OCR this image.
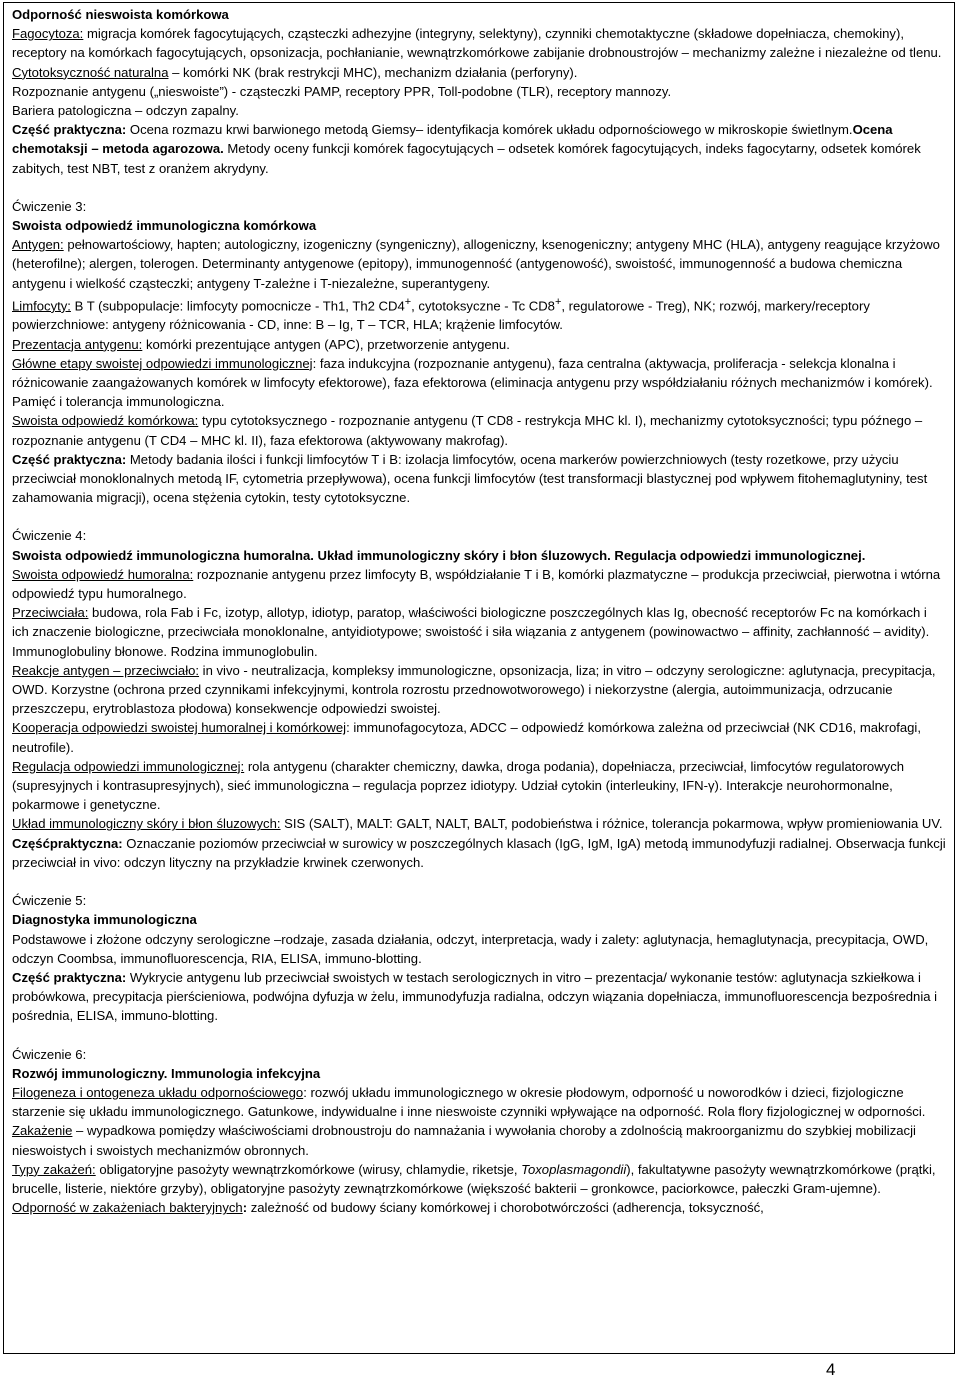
Odporność nieswoista komórkowa

Fagocytoza: migracja komórek fagocytujących, cząsteczki adhezyjne (integryny, selektyny), czynniki chemotaktyczne (składowe dopełniacza, chemokiny), receptory na komórkach fagocytujących, opsonizacja, pochłanianie, wewnątrzkomórkowe zabijanie drobnoustrojów – mechanizmy zależne i niezależne od tlenu.

Cytotoksyczność naturalna – komórki NK (brak restrykcji MHC), mechanizm działania (perforyny).

Rozpoznanie antygenu („nieswoiste”) - cząsteczki PAMP, receptory PPR, Toll-podobne (TLR), receptory mannozy.

Bariera patologiczna – odczyn zapalny.

Część praktyczna: Ocena rozmazu krwi barwionego metodą Giemsy– identyfikacja komórek układu odpornościowego w mikroskopie świetlnym.Ocena chemotaksji – metoda agarozowa. Metody oceny funkcji komórek fagocytujących – odsetek komórek fagocytujących, indeks fagocytarny, odsetek komórek zabitych, test NBT, test z oranżem akrydyny.

Ćwiczenie 3:

Swoista odpowiedź immunologiczna komórkowa

Antygen: pełnowartościowy, hapten; autologiczny, izogeniczny (syngeniczny), allogeniczny, ksenogeniczny; antygeny MHC (HLA), antygeny reagujące krzyżowo (heterofilne); alergen, tolerogen. Determinanty antygenowe (epitopy), immunogenność (antygenowość), swoistość, immunogenność a budowa chemiczna antygenu i wielkość cząsteczki; antygeny T-zależne i T-niezależne, superantygeny.

Limfocyty: B T (subpopulacje: limfocyty pomocnicze - Th1, Th2 CD4+, cytotoksyczne - Tc CD8+, regulatorowe - Treg), NK; rozwój, markery/receptory powierzchniowe: antygeny różnicowania - CD, inne: B – Ig, T – TCR, HLA; krążenie limfocytów.

Prezentacja antygenu: komórki prezentujące antygen (APC), przetworzenie antygenu.

Główne etapy swoistej odpowiedzi immunologicznej: faza indukcyjna (rozpoznanie antygenu), faza centralna (aktywacja, proliferacja - selekcja klonalna i różnicowanie zaangażowanych komórek w limfocyty efektorowe), faza efektorowa (eliminacja antygenu przy współdziałaniu różnych mechanizmów i komórek).

Pamięć i tolerancja immunologiczna.

Swoista odpowiedź komórkowa: typu cytotoksycznego - rozpoznanie antygenu (T CD8 - restrykcja MHC kl. I), mechanizmy cytotoksyczności; typu późnego – rozpoznanie antygenu (T CD4 – MHC kl. II), faza efektorowa (aktywowany makrofag).

Część praktyczna: Metody badania ilości i funkcji limfocytów T i B: izolacja limfocytów, ocena markerów powierzchniowych (testy rozetkowe, przy użyciu przeciwciał monoklonalnych metodą IF, cytometria przepływowa), ocena funkcji limfocytów (test transformacji blastycznej pod wpływem fitohemaglutyniny, test zahamowania migracji), ocena stężenia cytokin, testy cytotoksyczne.

Ćwiczenie 4:

Swoista odpowiedź immunologiczna humoralna. Układ immunologiczny skóry i błon śluzowych. Regulacja odpowiedzi immunologicznej.

Swoista odpowiedź humoralna: rozpoznanie antygenu przez limfocyty B, współdziałanie T i B, komórki plazmatyczne – produkcja przeciwciał, pierwotna i wtórna odpowiedź typu humoralnego.

Przeciwciała: budowa, rola Fab i Fc, izotyp, allotyp, idiotyp, paratop, właściwości biologiczne poszczególnych klas Ig, obecność receptorów Fc na komórkach i ich znaczenie biologiczne, przeciwciała monoklonalne, antyidiotypowe; swoistość i siła wiązania z antygenem (powinowactwo – affinity, zachłanność – avidity). Immunoglobuliny błonowe. Rodzina immunoglobulin.

Reakcje antygen – przeciwciało: in vivo - neutralizacja, kompleksy immunologiczne, opsonizacja, liza; in vitro – odczyny serologiczne: aglutynacja, precypitacja, OWD. Korzystne (ochrona przed czynnikami infekcyjnymi, kontrola rozrostu przednowotworowego) i niekorzystne (alergia, autoimmunizacja, odrzucanie przeszczepu, erytroblastoza płodowa) konsekwencje odpowiedzi swoistej.

Kooperacja odpowiedzi swoistej humoralnej i komórkowej: immunofagocytoza, ADCC – odpowiedź komórkowa zależna od przeciwciał (NK CD16, makrofagi, neutrofile).

Regulacja odpowiedzi immunologicznej: rola antygenu (charakter chemiczny, dawka, droga podania), dopełniacza, przeciwciał, limfocytów regulatorowych (supresyjnych i kontrasupresyjnych), sieć immunologiczna – regulacja poprzez idiotypy. Udział cytokin (interleukiny, IFN-γ). Interakcje neurohormonalne, pokarmowe i genetyczne.

Układ immunologiczny skóry i błon śluzowych: SIS (SALT), MALT: GALT, NALT, BALT, podobieństwa i różnice, tolerancja pokarmowa, wpływ promieniowania UV.

Częśćpraktyczna: Oznaczanie poziomów przeciwciał w surowicy w poszczególnych klasach (IgG, IgM, IgA) metodą immunodyfuzji radialnej. Obserwacja funkcji przeciwciał in vivo: odczyn lityczny na przykładzie krwinek czerwonych.

Ćwiczenie 5:

Diagnostyka immunologiczna

Podstawowe i złożone odczyny serologiczne –rodzaje, zasada działania, odczyt, interpretacja, wady i zalety: aglutynacja, hemaglutynacja, precypitacja, OWD, odczyn Coombsa, immunofluorescencja, RIA, ELISA, immuno-blotting.

Część praktyczna: Wykrycie antygenu lub przeciwciał swoistych w testach serologicznych in vitro – prezentacja/ wykonanie testów: aglutynacja szkiełkowa i probówkowa, precypitacja pierścieniowa, podwójna dyfuzja w żelu, immunodyfuzja radialna, odczyn wiązania dopełniacza, immunofluorescencja bezpośrednia i pośrednia, ELISA, immuno-blotting.

Ćwiczenie 6:

Rozwój immunologiczny. Immunologia infekcyjna

Filogeneza i ontogeneza układu odpornościowego: rozwój układu immunologicznego w okresie płodowym, odporność u noworodków i dzieci, fizjologiczne starzenie się układu immunologicznego. Gatunkowe, indywidualne i inne nieswoiste czynniki wpływające na odporność. Rola flory fizjologicznej w odporności.

Zakażenie – wypadkowa pomiędzy właściwościami drobnoustroju do namnażania i wywołania choroby a zdolnością makroorganizmu do szybkiej mobilizacji nieswoistych i swoistych mechanizmów obronnych.

Typy zakażeń: obligatoryjne pasożyty wewnątrzkomórkowe (wirusy, chlamydie, riketsje, Toxoplasmagondii), fakultatywne pasożyty wewnątrzkomórkowe (prątki, brucelle, listerie, niektóre grzyby), obligatoryjne pasożyty zewnątrzkomórkowe (większość bakterii – gronkowce, paciorkowce, pałeczki Gram-ujemne).

Odporność w zakażeniach bakteryjnych: zależność od budowy ściany komórkowej i chorobotwórczości (adherencja, toksyczność,

4
